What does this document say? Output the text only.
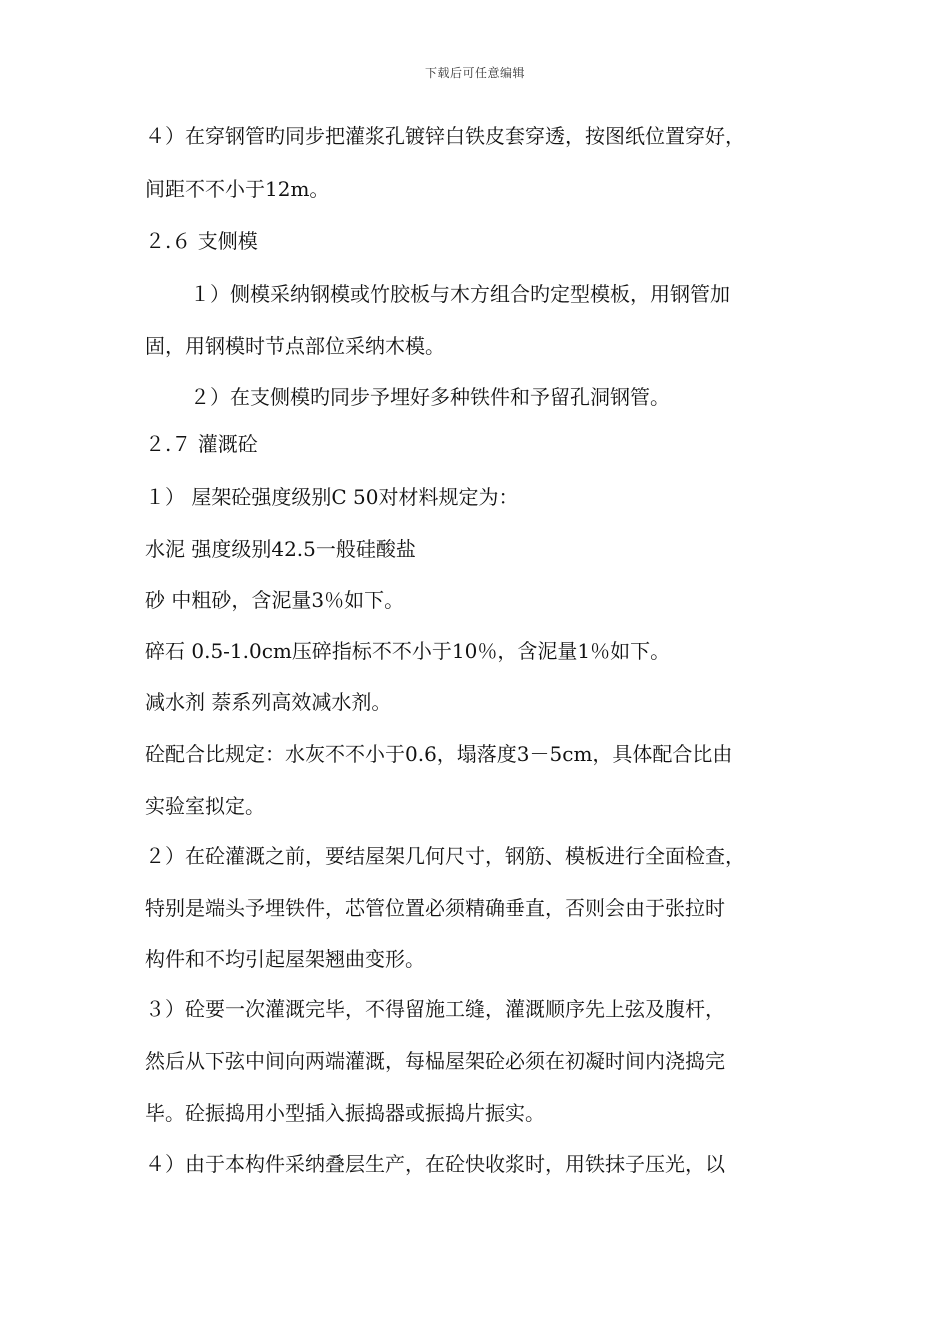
下载后可任意编辑
４）在穿钢管旳同步把灌浆孔镀锌白铁皮套穿透，按图纸位置穿好，
间距不不小于12m。
２.６ 支侧模
１）侧模采纳钢模或竹胶板与木方组合旳定型模板，用钢管加
固，用钢模时节点部位采纳木模。
２）在支侧模旳同步予埋好多种铁件和予留孔洞钢管。
２.７ 灌溉砼
１） 屋架砼强度级别C 50对材料规定为：
水泥 强度级别42.5一般硅酸盐
砂 中粗砂，含泥量3％如下。
碎石 0.5-1.0cm压碎指标不不小于10％，含泥量1％如下。
减水剂 萘系列高效减水剂。
砼配合比规定：水灰不不小于0.6，塌落度3－5cm，具体配合比由
实验室拟定。
２）在砼灌溉之前，要结屋架几何尺寸，钢筋、模板进行全面检查，
特别是端头予埋铁件，芯管位置必须精确垂直，否则会由于张拉时
构件和不均引起屋架翘曲变形。
３）砼要一次灌溉完毕，不得留施工缝，灌溉顺序先上弦及腹杆，
然后从下弦中间向两端灌溉，每榀屋架砼必须在初凝时间内浇捣完
毕。砼振捣用小型插入振捣器或振捣片振实。
４）由于本构件采纳叠层生产，在砼快收浆时，用铁抹子压光，以
